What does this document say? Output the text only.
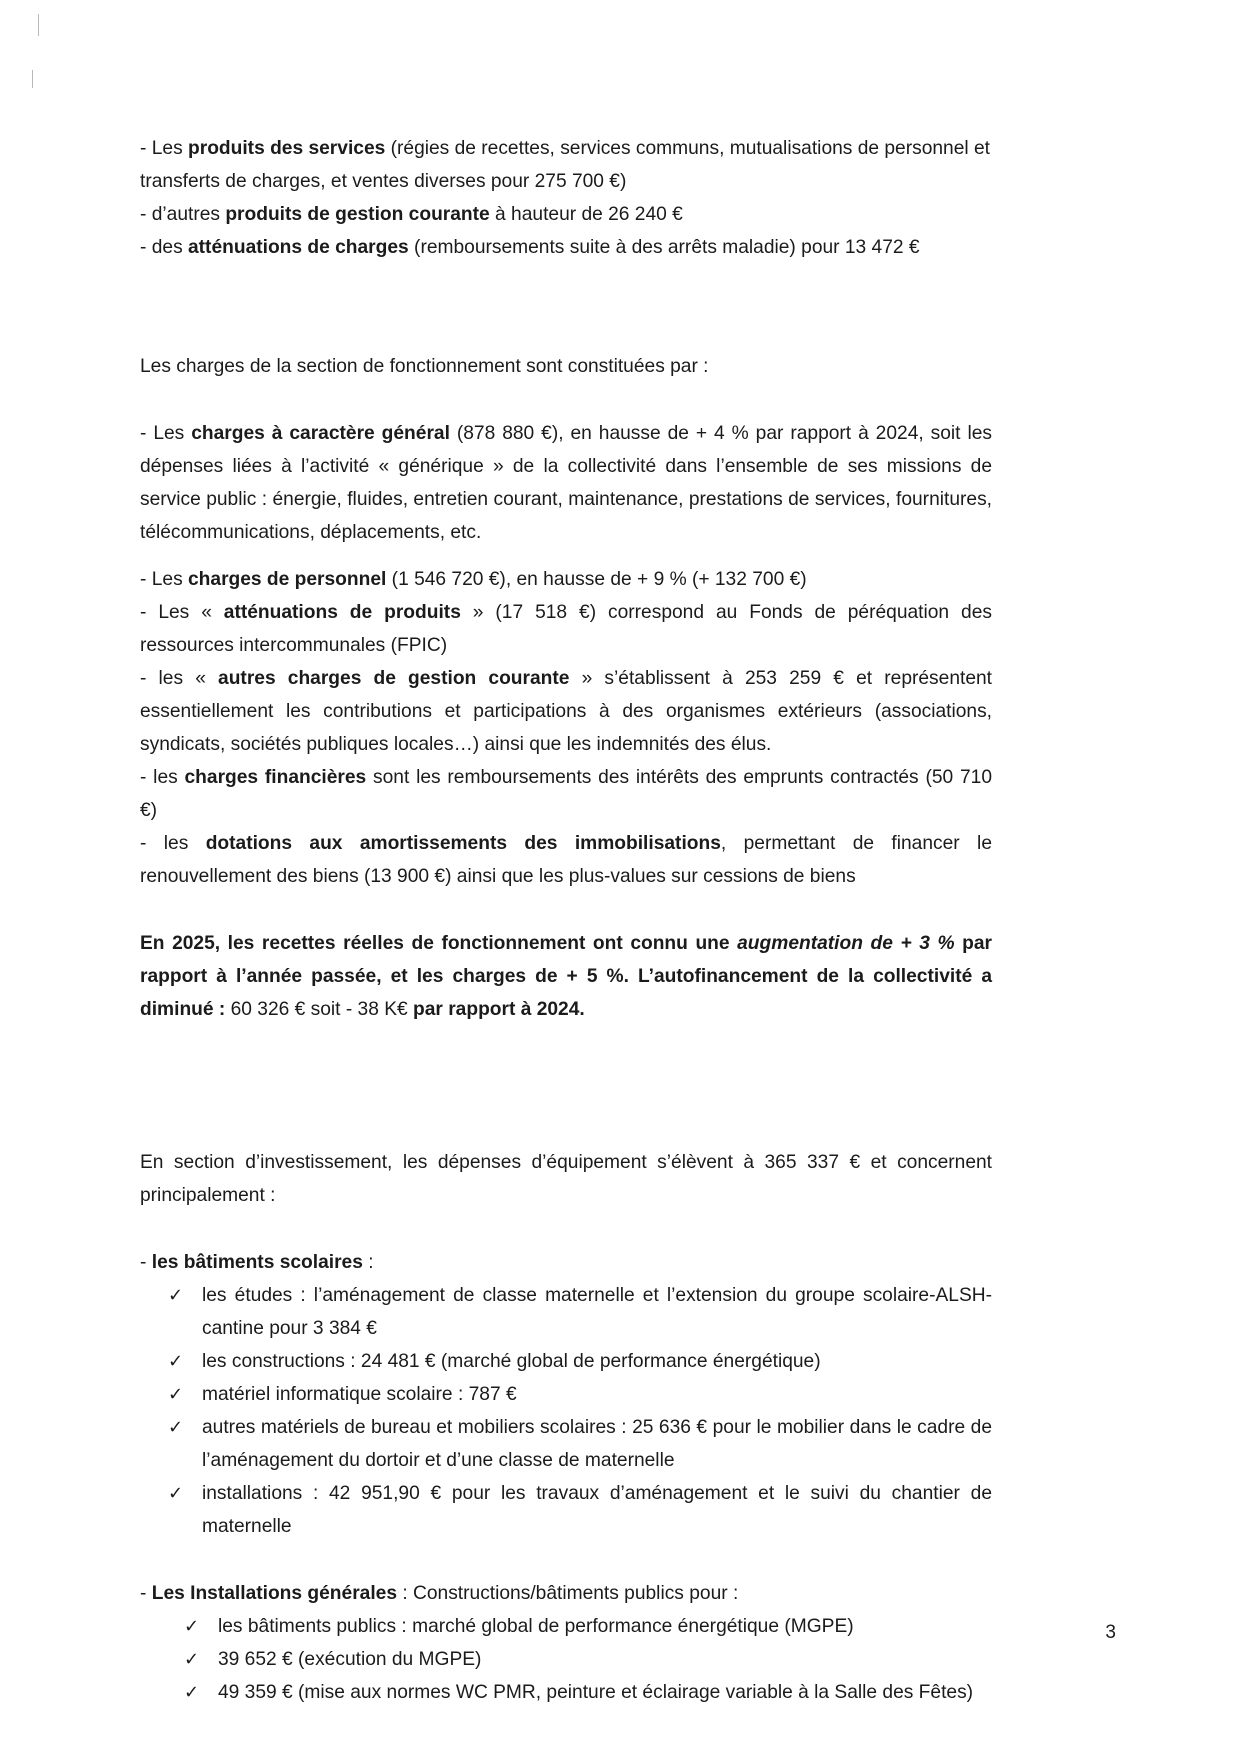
- Les produits des services (régies de recettes, services communs, mutualisations de personnel et transferts de charges, et ventes diverses pour 275 700 €)

- d’autres produits de gestion courante à hauteur de 26 240 €

- des atténuations de charges (remboursements suite à des arrêts maladie) pour 13 472 €

Les charges de la section de fonctionnement sont constituées par :

- Les charges à caractère général (878 880 €), en hausse de + 4 % par rapport à 2024, soit les dépenses liées à l’activité « générique » de la collectivité dans l’ensemble de ses missions de service public : énergie, fluides, entretien courant, maintenance, prestations de services, fournitures, télécommunications, déplacements, etc.

- Les charges de personnel (1 546 720 €), en hausse de + 9 % (+ 132 700 €)

- Les « atténuations de produits » (17 518 €) correspond au Fonds de péréquation des ressources intercommunales (FPIC)

- les « autres charges de gestion courante » s’établissent à 253 259 € et représentent essentiellement les contributions et participations à des organismes extérieurs (associations, syndicats, sociétés publiques locales…) ainsi que les indemnités des élus.

- les charges financières sont les remboursements des intérêts des emprunts contractés (50 710 €)

- les dotations aux amortissements des immobilisations, permettant de financer le renouvellement des biens (13 900 €) ainsi que les plus-values sur cessions de biens

En 2025, les recettes réelles de fonctionnement ont connu une augmentation de + 3 % par rapport à l’année passée, et les charges de + 5 %. L’autofinancement de la collectivité a diminué : 60 326 € soit - 38 K€ par rapport à 2024.

En section d’investissement, les dépenses d’équipement s’élèvent à 365 337 € et concernent principalement :

- les bâtiments scolaires :

✓ les études : l’aménagement de classe maternelle et l’extension du groupe scolaire-ALSH-cantine pour 3 384 €
✓ les constructions : 24 481 € (marché global de performance énergétique)
✓ matériel informatique scolaire : 787 €
✓ autres matériels de bureau et mobiliers scolaires : 25 636 € pour le mobilier dans le cadre de l’aménagement du dortoir et d’une classe de maternelle
✓ installations : 42 951,90 € pour les travaux d’aménagement et le suivi du chantier de maternelle

- Les Installations générales : Constructions/bâtiments publics pour :

✓ les bâtiments publics : marché global de performance énergétique (MGPE)
✓ 39 652 € (exécution du MGPE)
✓ 49 359 € (mise aux normes WC PMR, peinture et éclairage variable à la Salle des Fêtes)
3
